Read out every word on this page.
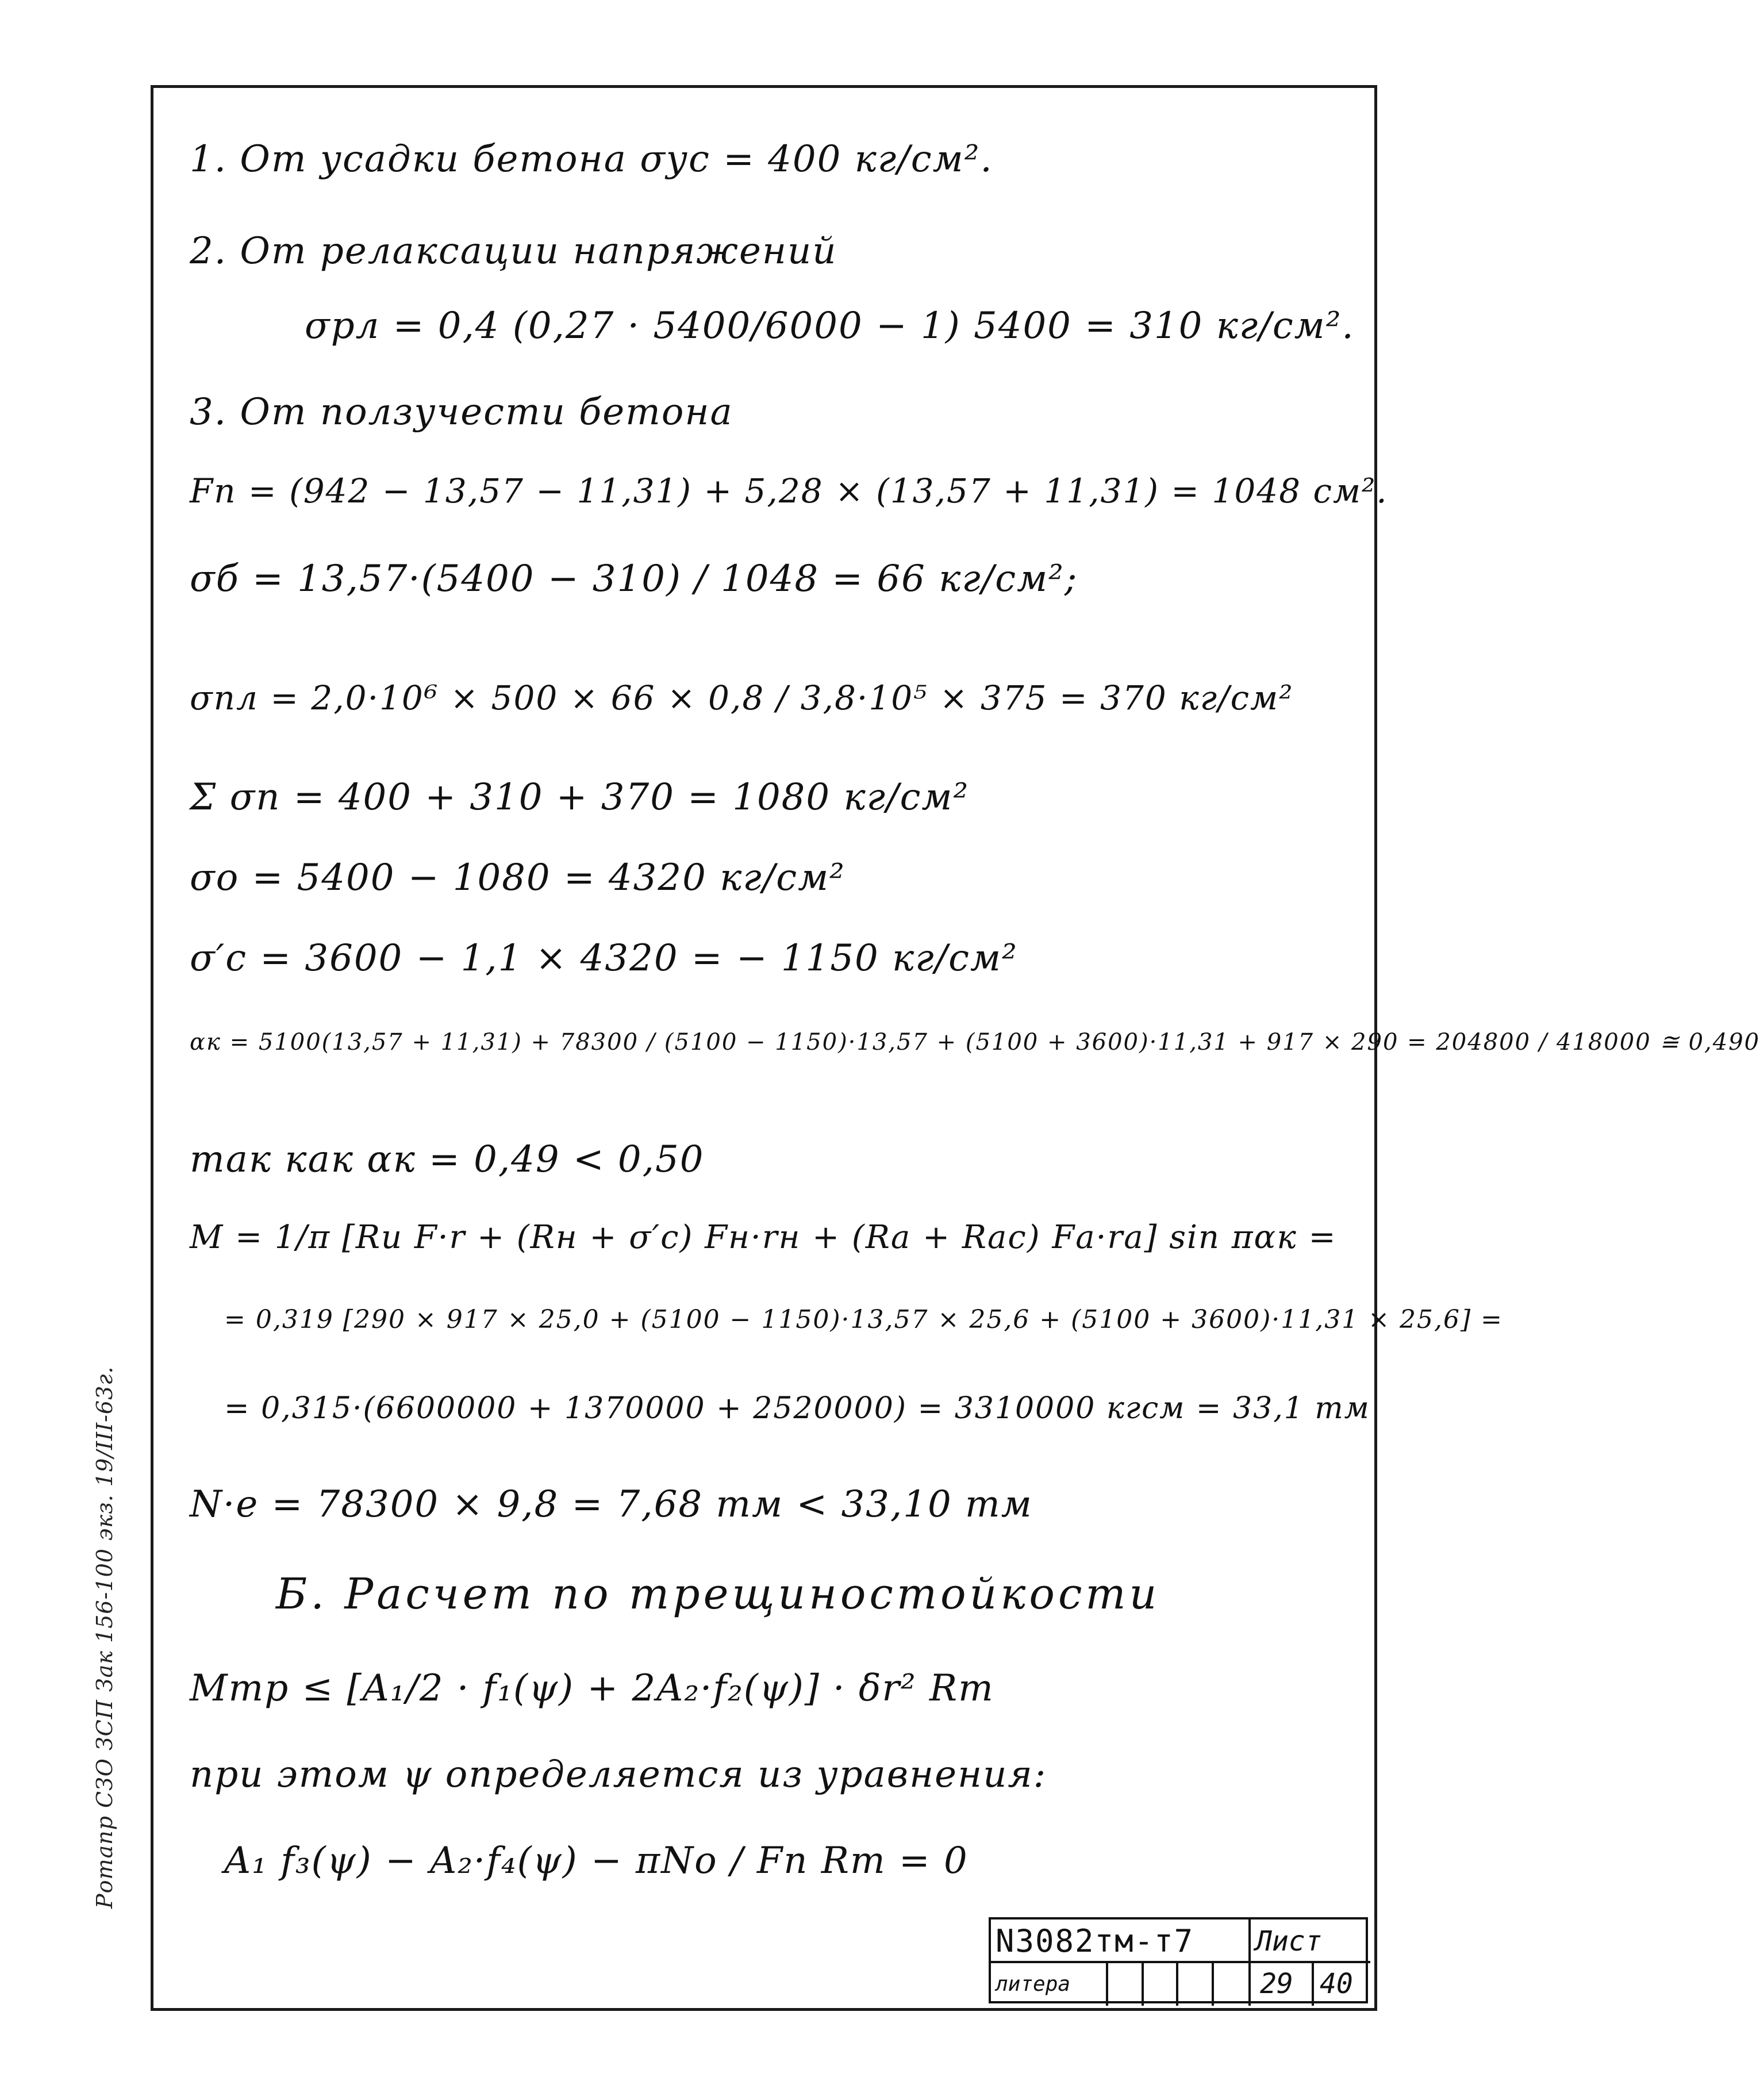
1. От усадки бетона σус = 400 кг/см².
2. От релаксации напряжений
σрл = 0,4 (0,27 · 5400/6000 − 1) 5400 = 310 кг/см².
3. От ползучести бетона
Fп = (942 − 13,57 − 11,31) + 5,28 × (13,57 + 11,31) = 1048 см².
σб = 13,57·(5400 − 310) / 1048 = 66 кг/см²;
σпл = 2,0·10⁶ × 500 × 66 × 0,8 / 3,8·10⁵ × 375 = 370 кг/см²
Σ σп = 400 + 310 + 370 = 1080 кг/см²
σо = 5400 − 1080 = 4320 кг/см²
σ′с = 3600 − 1,1 × 4320 = − 1150 кг/см²
αк = 5100(13,57 + 11,31) + 78300 / (5100 − 1150)·13,57 + (5100 + 3600)·11,31 + 917 × 290 = 204800 / 418000 ≅ 0,490
так как αк = 0,49 < 0,50
M = 1/π [Rи F·r + (Rн + σ′с) Fн·rн + (Rа + Rас) Fа·rа] sin παк =
= 0,319 [290 × 917 × 25,0 + (5100 − 1150)·13,57 × 25,6 + (5100 + 3600)·11,31 × 25,6] =
= 0,315·(6600000 + 1370000 + 2520000) = 3310000 кгсм = 33,1 тм
N·e = 78300 × 9,8 = 7,68 тм < 33,10 тм
Б. Расчет по трещиностойкости
Mтр ≤ [A₁/2 · f₁(ψ) + 2A₂·f₂(ψ)] · δr² Rт
при этом ψ определяется из уравнения:
A₁ f₃(ψ) − A₂·f₄(ψ) − πNо / Fп Rт = 0
Ротапр СЗО ЗСП Зак 156-100 экз. 19/III-63г.
N3082тм-т7 Лист
литера	29 40
